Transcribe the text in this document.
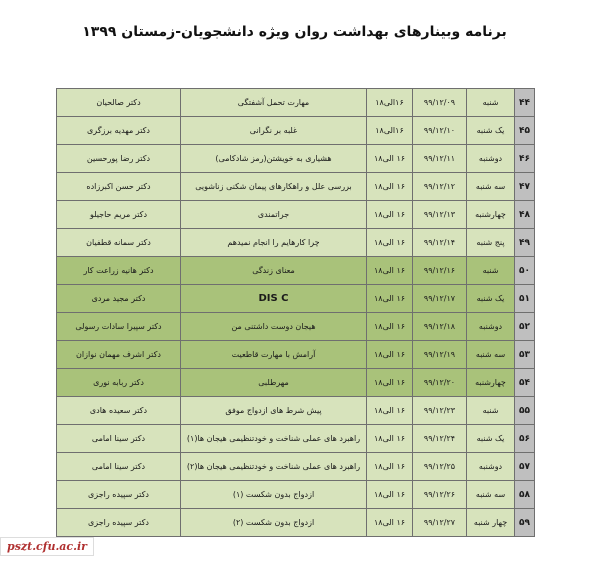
برنامه وبینارهای بهداشت روان ویژه دانشجویان-زمستان ۱۳۹۹
۴۴	شنبه	۹۹/۱۲/۰۹	۱۶الی۱۸	مهارت تحمل آشفتگی	دکتر صالحیان
۴۵	یک شنبه	۹۹/۱۲/۱۰	۱۶الی۱۸	غلبه بر نگرانی	دکتر مهدیه برزگری
۴۶	دوشنبه	۹۹/۱۲/۱۱	۱۶ الی۱۸	هشیاری به خویشتن(رمز شادکامی)	دکتر رضا پورحسین
۴۷	سه شنبه	۹۹/۱۲/۱۲	۱۶ الی۱۸	بررسی علل و راهکارهای پیمان شکنی زناشویی	دکتر حسن اکبرزاده
۴۸	چهارشنبه	۹۹/۱۲/۱۳	۱۶ الی۱۸	جراتمندی	دکتر مریم حاجیلو
۴۹	پنج شنبه	۹۹/۱۲/۱۴	۱۶ الی۱۸	چرا کارهایم را انجام نمیدهم	دکتر سمانه قطفیان
۵۰	شنبه	۹۹/۱۲/۱۶	۱۶ الی۱۸	معنای زندگی	دکتر هانیه زراعت کار
۵۱	یک شنبه	۹۹/۱۲/۱۷	۱۶ الی۱۸	DIS C	دکتر مجید مردی
۵۲	دوشنبه	۹۹/۱۲/۱۸	۱۶ الی۱۸	هیجان دوست داشتنی من	دکتر سپیرا سادات رسولی
۵۳	سه شنبه	۹۹/۱۲/۱۹	۱۶ الی۱۸	آرامش با مهارت قاطعیت	دکتر اشرف مهمان نوازان
۵۴	چهارشنبه	۹۹/۱۲/۲۰	۱۶ الی۱۸	مهرطلبی	دکتر ربابه نوری
۵۵	شنبه	۹۹/۱۲/۲۳	۱۶ الی۱۸	پیش شرط های ازدواج موفق	دکتر سعیده هادی
۵۶	یک شنبه	۹۹/۱۲/۲۴	۱۶ الی۱۸	راهبرد های عملی شناخت و خودتنظیمی هیجان ها(۱)	دکتر سینا امامی
۵۷	دوشنبه	۹۹/۱۲/۲۵	۱۶ الی۱۸	راهبرد های عملی شناخت و خودتنظیمی هیجان ها(۲)	دکتر سینا امامی
۵۸	سه شنبه	۹۹/۱۲/۲۶	۱۶ الی۱۸	ازدواج بدون شکست (۱)	دکتر سپیده راجزی
۵۹	چهار شنبه	۹۹/۱۲/۲۷	۱۶ الی۱۸	ازدواج بدون شکست (۲)	دکتر سپیده راجزی
pszt.cfu.ac.ir
